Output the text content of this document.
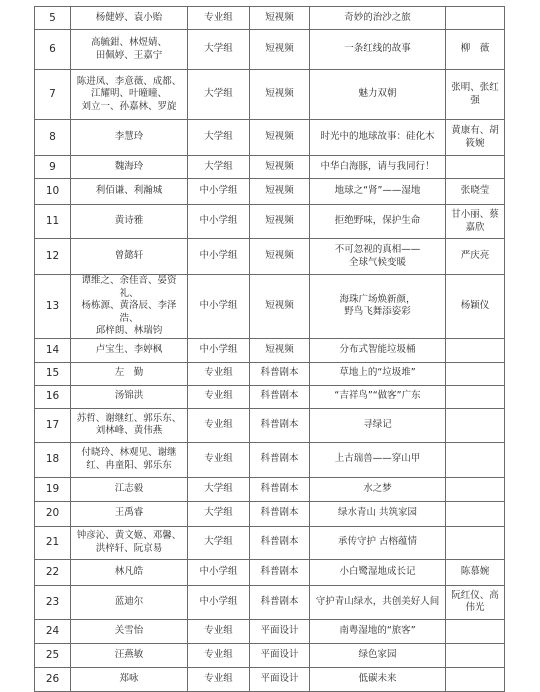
5	杨健婷、袁小贻	专业组	短视频	奇妙的治沙之旅	
6	高毓鉗、林煜婧、
田佩婷、王嘉宁	大学组	短视频	一条红线的故事	柳　薇
7	陈进凤、李意薇、成都、
江耀明、叶曈曈、
刘立一、孙嘉林、罗旋	大学组	短视频	魅力双朝	张明、张红强
8	李慧玲	大学组	短视频	时光中的地球故事：硅化木	黄康有、胡
筱婉
9	魏海玲	大学组	短视频	中华白海豚，请与我同行！	
10	利佰谦、利瀚城	中小学组	短视频	地球之“肾”——湿地	张晓莹
11	黄诗雅	中小学组	短视频	拒绝野味，保护生命	甘小丽、蔡
嘉欣
12	曾懿轩	中小学组	短视频	不可忽视的真相——
全球气候变暖	严庆亮
13	谭维之、余佳音、晏资礼、
杨栋源、黄洛辰、李泽浩、
邱梓朗、林瑞钧	中小学组	短视频	海珠广场焕新颜，
野鸟飞舞添姿彩	杨颖仪
14	卢宝生、李婷枫	中小学组	短视频	分布式智能垃圾桶	
15	左　勤	专业组	科普剧本	草地上的“垃圾堆”	
16	汤锦洪	专业组	科普剧本	“吉祥鸟”“做客”广东	
17	苏哲、谢继红、郭乐东、
刘林峰、黄伟燕	专业组	科普剧本	寻绿记	
18	付晓玲、林观见、谢继
红、冉童阳、郭乐东	专业组	科普剧本	上古瑞兽——穿山甲	
19	江志毅	大学组	科普剧本	水之梦	
20	王禹睿	大学组	科普剧本	绿水青山 共筑家园	
21	钟彦沁、黄文姬、邓馨、
洪梓轩、阮京易	大学组	科普剧本	承传守护 古榕蕴情	
22	林凡皓	中小学组	科普剧本	小白鹭湿地成长记	陈慕婉
23	蓝迪尔	中小学组	科普剧本	守护青山绿水，共创美好人间	阮红仪、高
伟光
24	关雪怡	专业组	平面设计	南粤湿地的“旅客”	
25	汪燕敏	专业组	平面设计	绿色家园	
26	郑咏	专业组	平面设计	低碳未来	
